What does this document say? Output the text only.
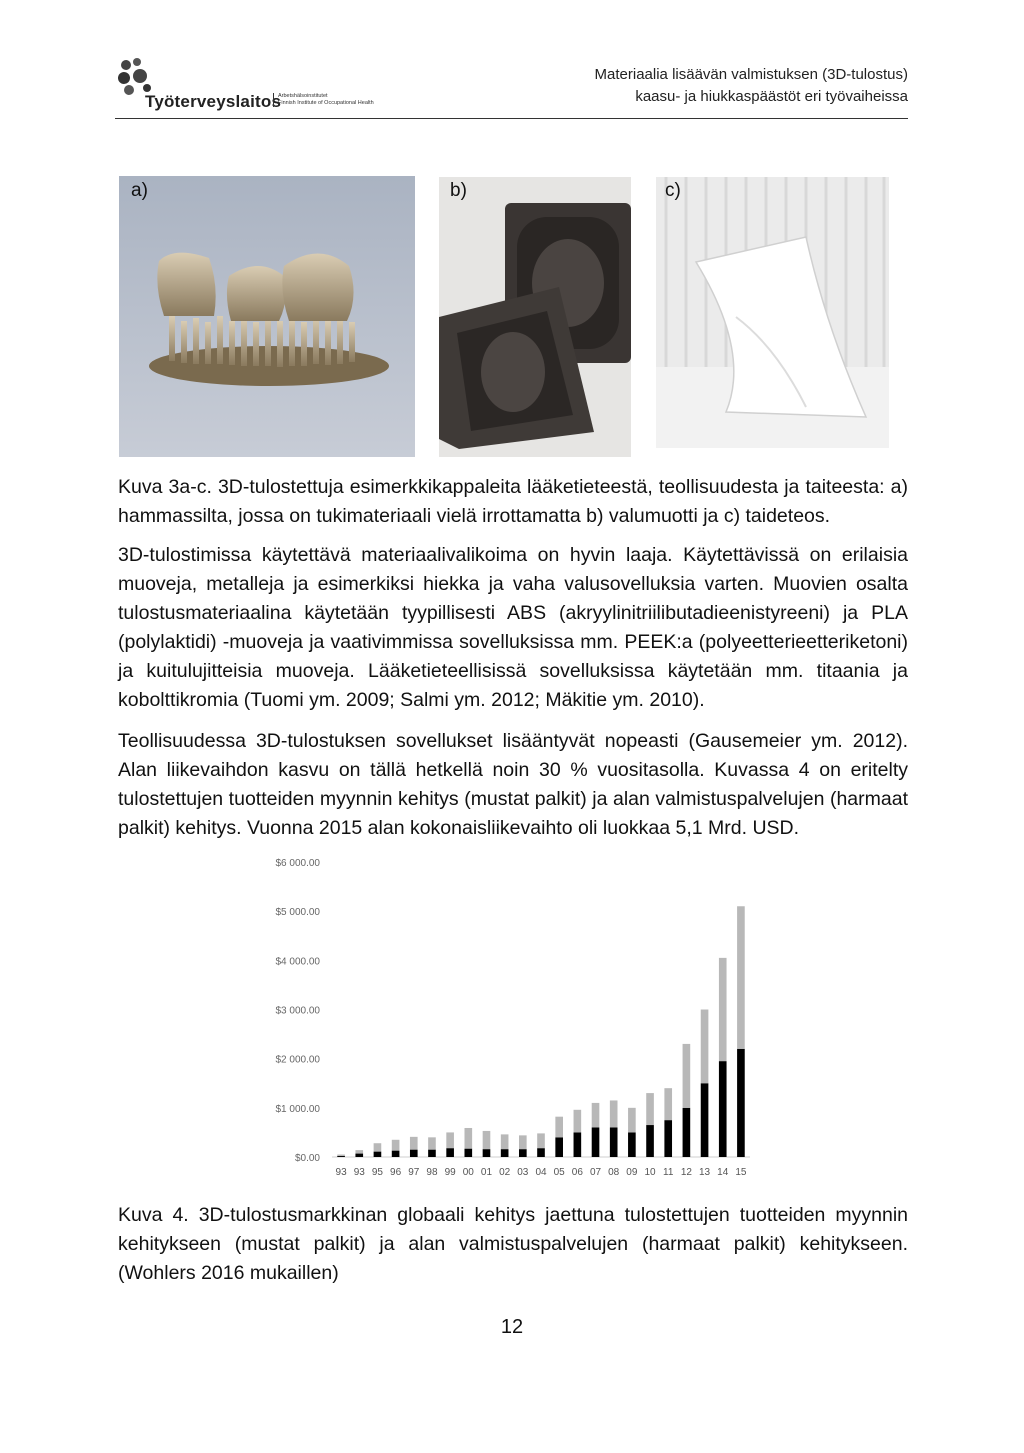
Työterveyslaitos
Arbetshälsoinstitutet
Finnish Institute of Occupational Health
Materiaalia lisäävän valmistuksen (3D-tulostus)
kaasu- ja hiukkaspäästöt eri työvaiheissa
a)	b)	c)
Kuva 3a-c. 3D-tulostettuja esimerkkikappaleita lääketieteestä, teollisuudesta ja taiteesta: a) hammassilta, jossa on tukimateriaali vielä irrottamatta b) valumuotti ja c) taideteos.
3D-tulostimissa käytettävä materiaalivalikoima on hyvin laaja. Käytettävissä on erilaisia muoveja, metalleja ja esimerkiksi hiekka ja vaha valusovelluksia varten. Muovien osalta tulostusmateriaalina käytetään tyypillisesti ABS (akryylinitriilibutadieenistyreeni) ja PLA (polylaktidi) -muoveja ja vaativimmissa sovelluksissa mm. PEEK:a (polyeetterieetteriketoni) ja kuitulujitteisia muoveja. Lääketieteellisissä sovelluksissa käytetään mm. titaania ja kobolttikromia (Tuomi ym. 2009; Salmi ym. 2012; Mäkitie ym. 2010).
Teollisuudessa 3D-tulostuksen sovellukset lisääntyvät nopeasti (Gausemeier ym. 2012). Alan liikevaihdon kasvu on tällä hetkellä noin 30 % vuositasolla. Kuvassa 4 on eritelty tulostettujen tuotteiden myynnin kehitys (mustat palkit) ja alan valmistuspalvelujen (harmaat palkit) kehitys. Vuonna 2015 alan kokonaisliikevaihto oli luokkaa 5,1 Mrd. USD.
$0.00
$1 000.00
$2 000.00
$3 000.00
$4 000.00
$5 000.00
$6 000.00
93 93 95 96 97 98 99 00 01 02 03 04 05 06 07 08 09 10 11 12 13 14 15
Kuva 4. 3D-tulostusmarkkinan globaali kehitys jaettuna tulostettujen tuotteiden myynnin kehitykseen (mustat palkit) ja alan valmistuspalvelujen (harmaat palkit) kehitykseen. (Wohlers 2016 mukaillen)
12
